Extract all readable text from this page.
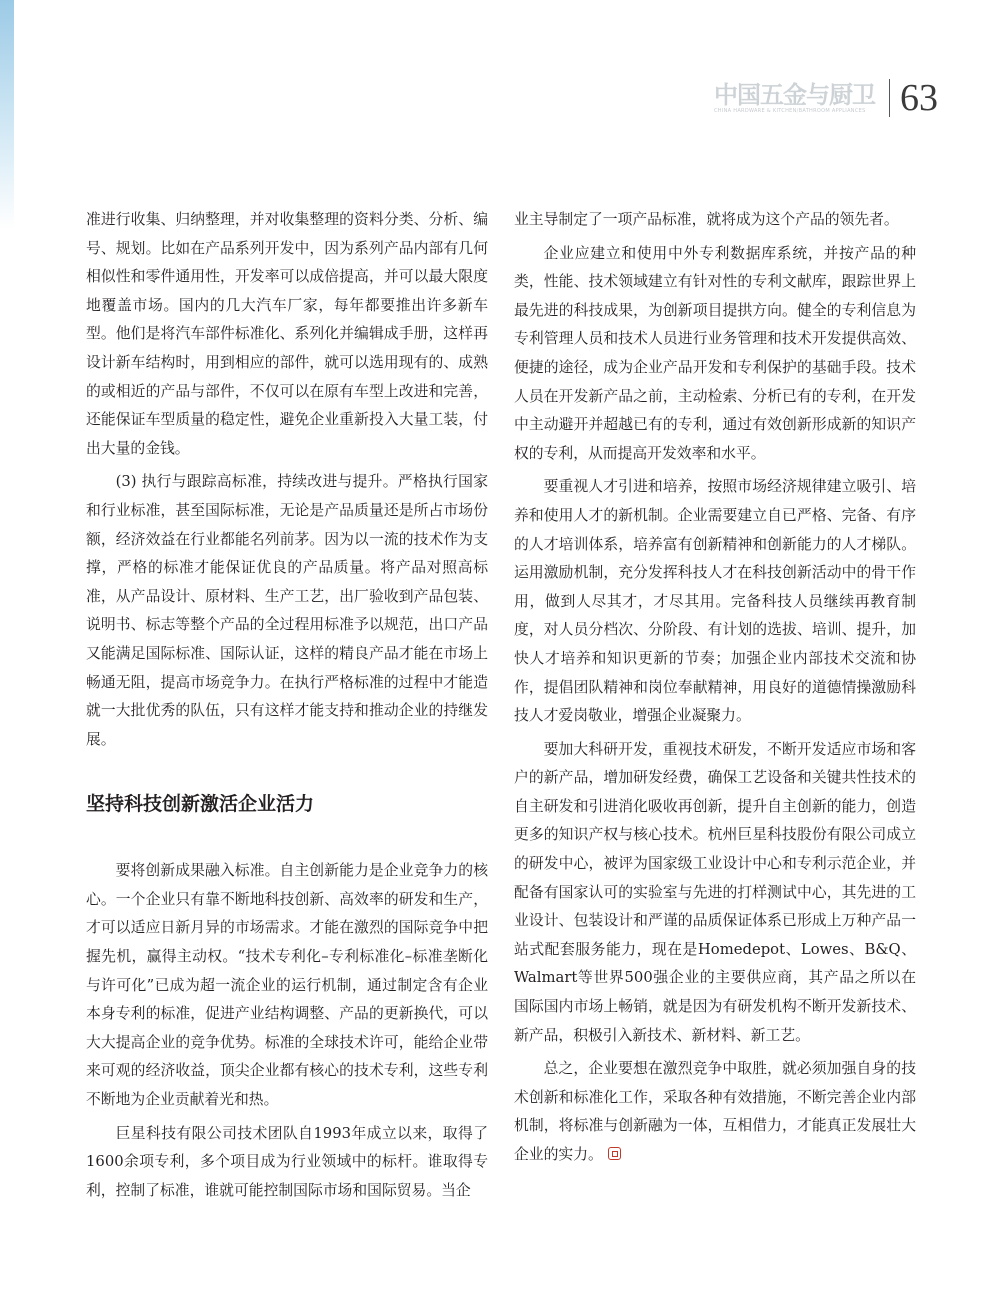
中国五金与厨卫
CHINA HARDWARE & KITCHEN/BATHROOM APPLIANCES 63

准进行收集、归纳整理，并对收集整理的资料分类、分析、编号、规划。比如在产品系列开发中，因为系列产品内部有几何相似性和零件通用性，开发率可以成倍提高，并可以最大限度地覆盖市场。国内的几大汽车厂家，每年都要推出许多新车型。他们是将汽车部件标准化、系列化并编辑成手册，这样再设计新车结构时，用到相应的部件，就可以选用现有的、成熟的或相近的产品与部件，不仅可以在原有车型上改进和完善，还能保证车型质量的稳定性，避免企业重新投入大量工装，付出大量的金钱。

(3) 执行与跟踪高标准，持续改进与提升。严格执行国家和行业标准，甚至国际标准，无论是产品质量还是所占市场份额，经济效益在行业都能名列前茅。因为以一流的技术作为支撑，严格的标准才能保证优良的产品质量。将产品对照高标准，从产品设计、原材料、生产工艺，出厂验收到产品包装、说明书、标志等整个产品的全过程用标准予以规范，出口产品又能满足国际标准、国际认证，这样的精良产品才能在市场上畅通无阻，提高市场竞争力。在执行严格标准的过程中才能造就一大批优秀的队伍，只有这样才能支持和推动企业的持继发展。

坚持科技创新激活企业活力

要将创新成果融入标准。自主创新能力是企业竞争力的核心。一个企业只有靠不断地科技创新、高效率的研发和生产，才可以适应日新月异的市场需求。才能在激烈的国际竞争中把握先机，赢得主动权。“技术专利化–专利标准化–标准垄断化与许可化”已成为超一流企业的运行机制，通过制定含有企业本身专利的标准，促进产业结构调整、产品的更新换代，可以大大提高企业的竞争优势。标准的全球技术许可，能给企业带来可观的经济收益，顶尖企业都有核心的技术专利，这些专利不断地为企业贡献着光和热。

巨星科技有限公司技术团队自1993年成立以来，取得了1600余项专利，多个项目成为行业领域中的标杆。谁取得专利，控制了标准，谁就可能控制国际市场和国际贸易。当企

业主导制定了一项产品标准，就将成为这个产品的领先者。

企业应建立和使用中外专利数据库系统，并按产品的种类，性能、技术领域建立有针对性的专利文献库，跟踪世界上最先进的科技成果，为创新项目提拱方向。健全的专利信息为专利管理人员和技术人员进行业务管理和技术开发提供高效、便捷的途径，成为企业产品开发和专利保护的基础手段。技术人员在开发新产品之前，主动检索、分析已有的专利，在开发中主动避开并超越已有的专利，通过有效创新形成新的知识产权的专利，从而提高开发效率和水平。

要重视人才引进和培养，按照市场经济规律建立吸引、培养和使用人才的新机制。企业需要建立自已严格、完备、有序的人才培训体系，培养富有创新精神和创新能力的人才梯队。运用激励机制，充分发挥科技人才在科技创新活动中的骨干作用，做到人尽其才，才尽其用。完备科技人员继续再教育制度，对人员分档次、分阶段、有计划的选拔、培训、提升，加快人才培养和知识更新的节奏；加强企业内部技术交流和协作，提倡团队精神和岗位奉献精神，用良好的道德情操激励科技人才爱岗敬业，增强企业凝聚力。

要加大科研开发，重视技术研发，不断开发适应市场和客户的新产品，增加研发经费，确保工艺设备和关键共性技术的自主研发和引进消化吸收再创新，提升自主创新的能力，创造更多的知识产权与核心技术。杭州巨星科技股份有限公司成立的研发中心，被评为国家级工业设计中心和专利示范企业，并配备有国家认可的实验室与先进的打样测试中心，其先进的工业设计、包装设计和严谨的品质保证体系已形成上万种产品一站式配套服务能力，现在是Homedepot、Lowes、B&Q、Walmart等世界500强企业的主要供应商，其产品之所以在国际国内市场上畅销，就是因为有研发机构不断开发新技术、新产品，积极引入新技术、新材料、新工艺。

总之，企业要想在激烈竞争中取胜，就必须加强自身的技术创新和标准化工作，采取各种有效措施，不断完善企业内部机制，将标准与创新融为一体，互相借力，才能真正发展壮大企业的实力。
